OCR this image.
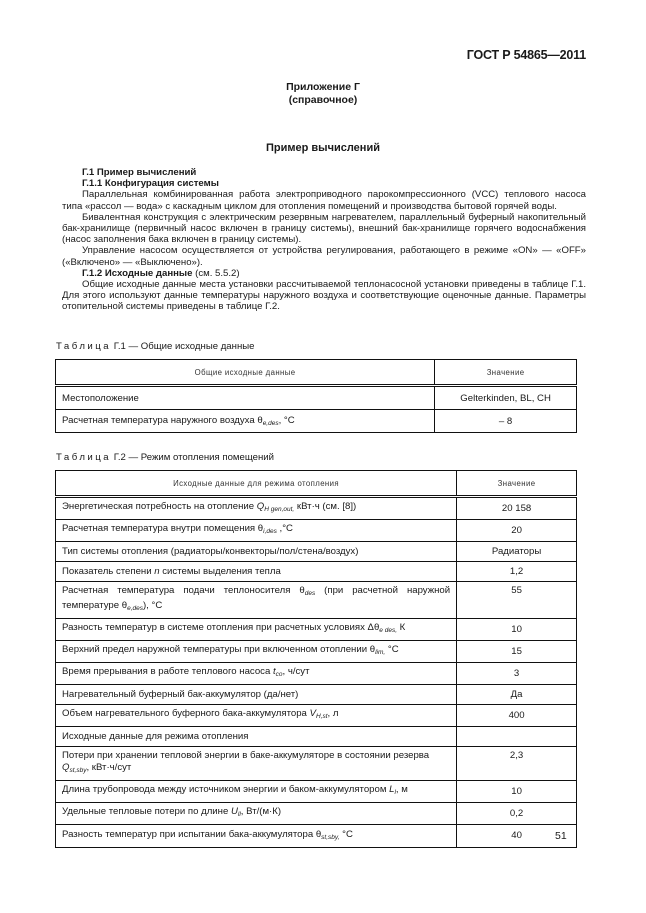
ГОСТ Р 54865—2011
Приложение Г
(справочное)
Пример вычислений

Г.1 Пример вычислений

Г.1.1 Конфигурация системы

Параллельная комбинированная работа электроприводного парокомпрессионного (VCC) теплового насоса типа «рассол — вода» с каскадным циклом для отопления помещений и производства бытовой горячей воды.

Бивалентная конструкция с электрическим резервным нагревателем, параллельный буферный накопительный бак-хранилище (первичный насос включен в границу системы), внешний бак-хранилище горячего водоснабжения (насос заполнения бака включен в границу системы).

Управление насосом осуществляется от устройства регулирования, работающего в режиме «ON» — «OFF» («Включено» — «Выключено»).

Г.1.2 Исходные данные (см. 5.5.2)

Общие исходные данные места установки рассчитываемой теплонасосной установки приведены в таблице Г.1. Для этого используют данные температуры наружного воздуха и соответствующие оценочные данные. Параметры отопительной системы приведены в таблице Г.2.

Таблица Г.1 — Общие исходные данные
Общие исходные данные	Значение
Местоположение	Gelterkinden, BL, CH
Расчетная температура наружного воздуха $\theta_{e,des}$, °С	– 8
Таблица Г.2 — Режим отопления помещений
Исходные данные для режима отопления	Значение
Энергетическая потребность на отопление $Q_{H gen,out,}$ кВт·ч (см. [8])	20 158
Расчетная температура внутри помещения $\theta_{i,des}$ ,°С	20
Тип системы отопления (радиаторы/конвекторы/пол/стена/воздух)	Радиаторы
Показатель степени n системы выделения тепла	1,2
Расчетная температура подачи теплоносителя $\theta_{des}$ (при расчетной наружной температуре $\theta_{e,des}$), °С	55
Разность температур в системе отопления при расчетных условиях $\Delta\theta_{e des,}$ К	10
Верхний предел наружной температуры при включенном отоплении $\theta_{lim,}$ °С	15
Время прерывания в работе теплового насоса $t_{co}$, ч/сут	3
Нагревательный буферный бак-аккумулятор (да/нет)	Да
Объем нагревательного буферного бака-аккумулятора $V_{H,st}$, л	400
Исходные данные для режима отопления	
Потери при хранении тепловой энергии в баке-аккумуляторе в состоянии резерва $Q_{st,sby}$, кВт·ч/сут	2,3
Длина трубопровода между источником энергии и баком-аккумулятором $L_l$, м	10
Удельные тепловые потери по длине $U_{ll}$, Вт/(м·К)	0,2
Разность температур при испытании бака-аккумулятора $\theta_{st,sby,}$ °С	40	51
